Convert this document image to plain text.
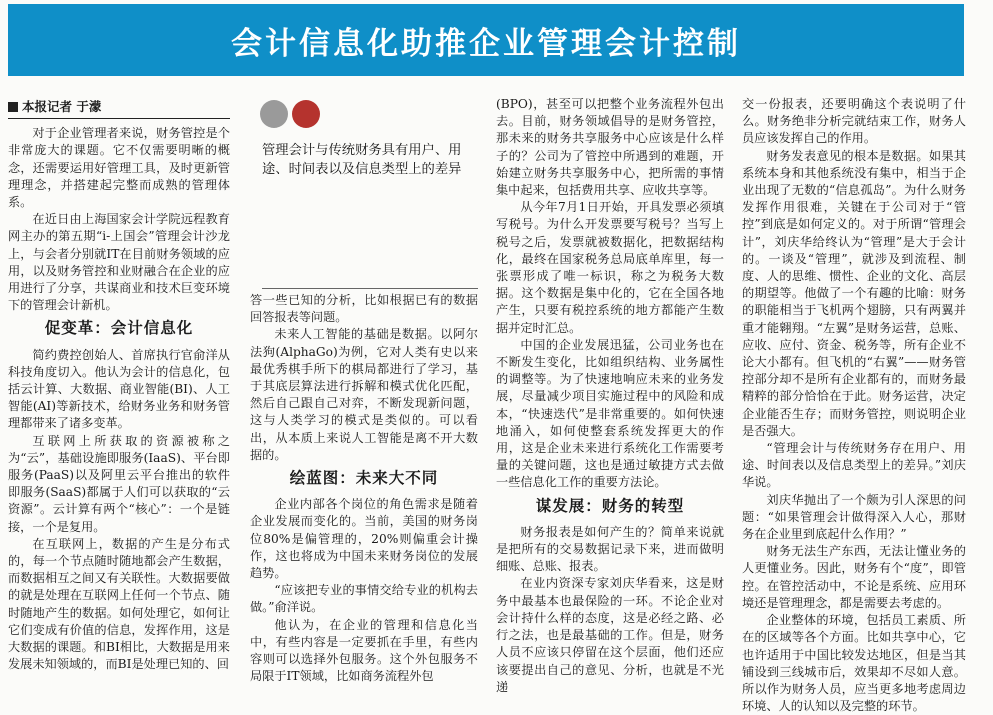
会计信息化助推企业管理会计控制
本报记者 于濛

对于企业管理者来说，财务管控是个非常庞大的课题。它不仅需要明晰的概念，还需要运用好管理工具，及时更新管理理念，并搭建起完整而成熟的管理体系。

在近日由上海国家会计学院远程教育网主办的第五期“i-上国会”管理会计沙龙上，与会者分别就IT在目前财务领域的应用，以及财务管控和业财融合在企业的应用进行了分享，共谋商业和技术巨变环境下的管理会计新机。

促变革：会计信息化

简约费控创始人、首席执行官俞洋从科技角度切入。他认为会计的信息化，包括云计算、大数据、商业智能(BI)、人工智能(AI)等新技术，给财务业务和财务管理都带来了诸多变革。

互联网上所获取的资源被称之为“云”，基础设施即服务(IaaS)、平台即服务(PaaS)以及阿里云平台推出的软件即服务(SaaS)都属于人们可以获取的“云资源”。云计算有两个“核心”：一个是链接，一个是复用。

在互联网上，数据的产生是分布式的，每一个节点随时随地都会产生数据，而数据相互之间又有关联性。大数据要做的就是处理在互联网上任何一个节点、随时随地产生的数据。如何处理它，如何让它们变成有价值的信息，发挥作用，这是大数据的课题。和BI相比，大数据是用来发展未知领域的，而BI是处理已知的、回

管理会计与传统财务具有用户、用途、时间表以及信息类型上的差异

答一些已知的分析，比如根据已有的数据回答报表等问题。

未来人工智能的基础是数据。以阿尔法狗(AlphaGo)为例，它对人类有史以来最优秀棋手所下的棋局都进行了学习，基于其底层算法进行拆解和模式优化匹配，然后自己跟自己对弈，不断发现新问题，这与人类学习的模式是类似的。可以看出，从本质上来说人工智能是离不开大数据的。

绘蓝图：未来大不同

企业内部各个岗位的角色需求是随着企业发展而变化的。当前，美国的财务岗位80%是偏管理的，20%则偏重会计操作，这也将成为中国未来财务岗位的发展趋势。

“应该把专业的事情交给专业的机构去做。”俞洋说。

他认为，在企业的管理和信息化当中，有些内容是一定要抓在手里，有些内容则可以选择外包服务。这个外包服务不局限于IT领域，比如商务流程外包

(BPO)，甚至可以把整个业务流程外包出去。目前，财务领域倡导的是财务管控，那未来的财务共享服务中心应该是什么样子的？公司为了管控中所遇到的难题，开始建立财务共享服务中心，把所需的事情集中起来，包括费用共享、应收共享等。

从今年7月1日开始，开具发票必须填写税号。为什么开发票要写税号？当写上税号之后，发票就被数据化，把数据结构化，最终在国家税务总局底单库里，每一张票形成了唯一标识，称之为税务大数据。这个数据是集中化的，它在全国各地产生，只要有税控系统的地方都能产生数据并定时汇总。

中国的企业发展迅猛，公司业务也在不断发生变化，比如组织结构、业务属性的调整等。为了快速地响应未来的业务发展，尽量减少项目实施过程中的风险和成本，“快速迭代”是非常重要的。如何快速地涌入，如何使整套系统发挥更大的作用，这是企业未来进行系统化工作需要考量的关键问题，这也是通过敏捷方式去做一些信息化工作的重要方法论。

谋发展：财务的转型

财务报表是如何产生的？简单来说就是把所有的交易数据记录下来，进而做明细账、总账、报表。

在业内资深专家刘庆华看来，这是财务中最基本也最保险的一环。不论企业对会计持什么样的态度，这是必经之路、必行之法，也是最基础的工作。但是，财务人员不应该只停留在这个层面，他们还应该要提出自己的意见、分析，也就是不光递

交一份报表，还要明确这个表说明了什么。财务绝非分析完就结束工作，财务人员应该发挥自己的作用。

财务发表意见的根本是数据。如果其系统本身和其他系统没有集中，相当于企业出现了无数的“信息孤岛”。为什么财务发挥作用很难，关键在于公司对于“管控”到底是如何定义的。对于所谓“管理会计”，刘庆华给终认为“管理”是大于会计的。一谈及“管理”，就涉及到流程、制度、人的思维、惯性、企业的文化、高层的期望等。他做了一个有趣的比喻：财务的职能相当于飞机两个翅膀，只有两翼并重才能翱翔。“左翼”是财务运营，总账、应收、应付、资金、税务等，所有企业不论大小都有。但飞机的“右翼”——财务管控部分却不是所有企业都有的，而财务最精粹的部分恰恰在于此。财务运营，决定企业能否生存；而财务管控，则说明企业是否强大。

“管理会计与传统财务存在用户、用途、时间表以及信息类型上的差异。”刘庆华说。

刘庆华抛出了一个颇为引人深思的问题：“如果管理会计做得深入人心，那财务在企业里到底起什么作用？”

财务无法生产东西，无法让懂业务的人更懂业务。因此，财务有个“度”，即管控。在管控活动中，不论是系统、应用环境还是管理理念，都是需要去考虑的。

企业整体的环境，包括员工素质、所在的区域等各个方面。比如共享中心，它也许适用于中国比较发达地区，但是当其铺设到三线城市后，效果却不尽如人意。所以作为财务人员，应当更多地考虑周边环境、人的认知以及完整的环节。
